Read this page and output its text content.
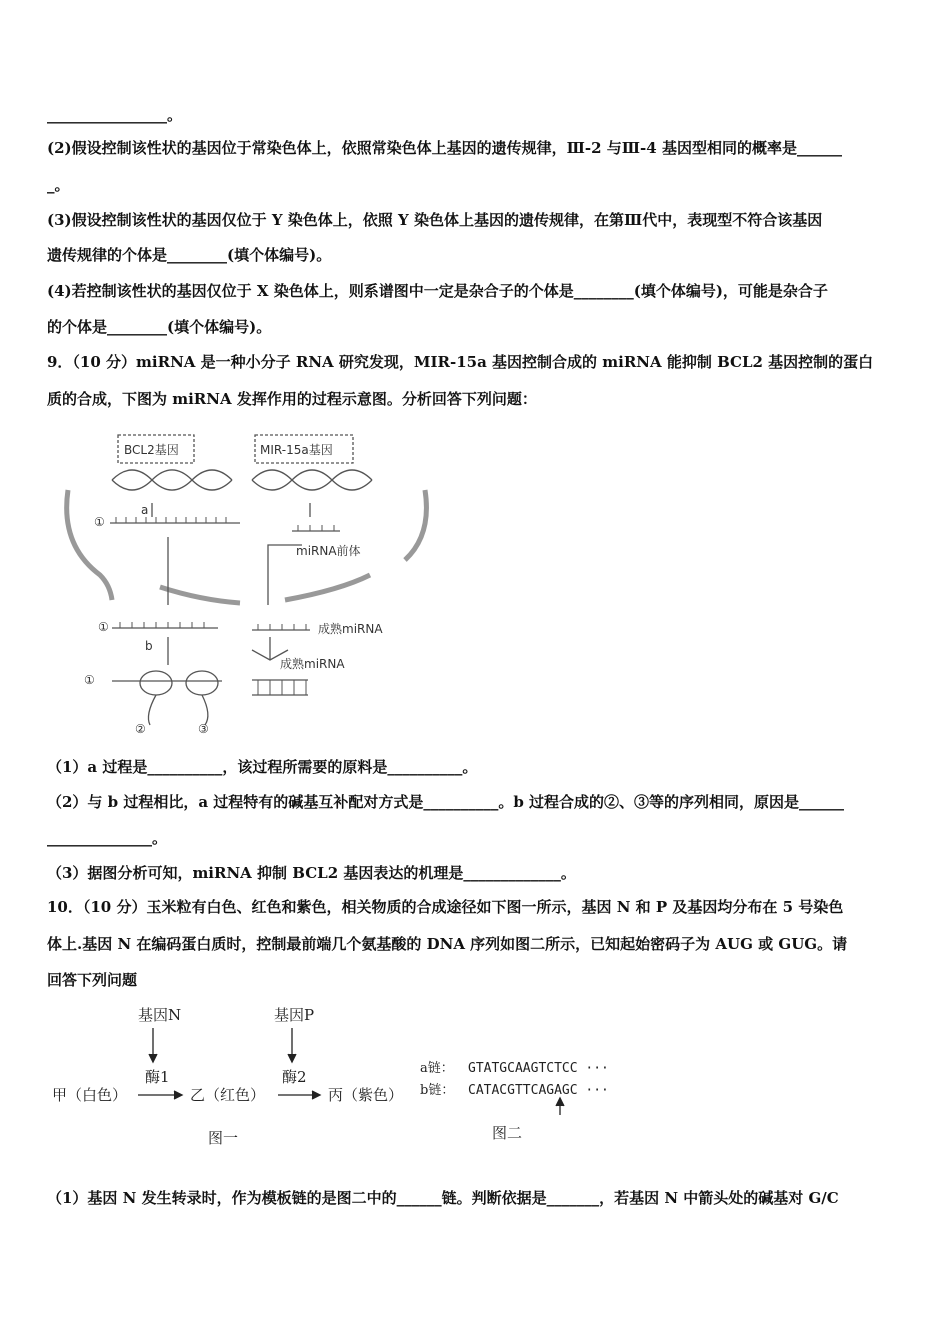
________________。
(2)假设控制该性状的基因位于常染色体上，依照常染色体上基因的遗传规律，Ⅲ-2 与Ⅲ-4 基因型相同的概率是______
_。
(3)假设控制该性状的基因仅位于 Y 染色体上，依照 Y 染色体上基因的遗传规律，在第Ⅲ代中，表现型不符合该基因
遗传规律的个体是________(填个体编号)。
(4)若控制该性状的基因仅位于 X 染色体上，则系谱图中一定是杂合子的个体是________(填个体编号)，可能是杂合子
的个体是________(填个体编号)。
9．（10 分）miRNA 是一种小分子 RNA 研究发现，MIR-15a 基因控制合成的 miRNA 能抑制 BCL2 基因控制的蛋白
质的合成，下图为 miRNA 发挥作用的过程示意图。分析回答下列问题：
BCL2基因	MIR-15a基因
a
①
miRNA前体
①	成熟miRNA
b
成熟miRNA
①
②	③
（1）a 过程是__________，该过程所需要的原料是__________。
（2）与 b 过程相比，a 过程特有的碱基互补配对方式是__________。b 过程合成的②、③等的序列相同，原因是______
______________。
（3）据图分析可知，miRNA 抑制 BCL2 基因表达的机理是_____________。
10．（10 分）玉米粒有白色、红色和紫色，相关物质的合成途径如下图一所示，基因 N 和 P 及基因均分布在 5 号染色
体上.基因 N 在编码蛋白质时，控制最前端几个氨基酸的 DNA 序列如图二所示，已知起始密码子为 AUG 或 GUG。请
回答下列问题
基因N	基因P
酶1	酶2
甲（白色）	乙（红色）	丙（紫色）
图一
a链：
b链：
GTATGCAAGTCTCC ···
CATACGTTCAGAGC ···
图二
（1）基因 N 发生转录时，作为模板链的是图二中的______链。判断依据是_______，若基因 N 中箭头处的碱基对 G/C
